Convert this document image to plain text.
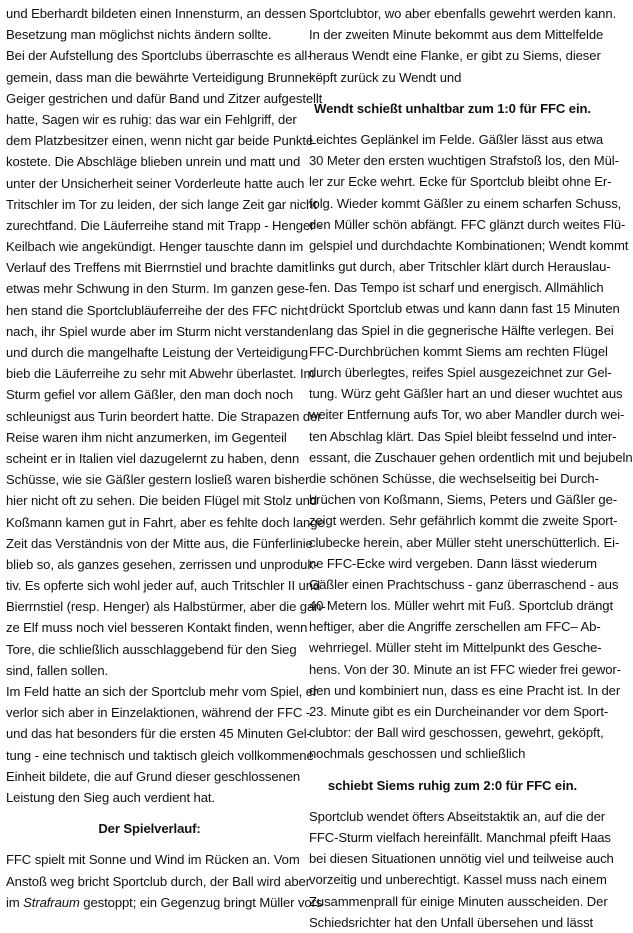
und Eberhardt bildeten einen Innensturm, an dessen
Besetzung man möglichst nichts ändern sollte.
Bei der Aufstellung des Sportclubs überraschte es all-
gemein, dass man die bewährte Verteidigung Brunner -
Geiger gestrichen und dafür Band und Zitzer aufgestellt
hatte, Sagen wir es ruhig: das war ein Fehlgriff, der
dem Platzbesitzer einen, wenn nicht gar beide Punkte
kostete. Die Abschläge blieben unrein und matt und
unter der Unsicherheit seiner Vorderleute hatte auch
Tritschler im Tor zu leiden, der sich lange Zeit gar nicht
zurechtfand. Die Läuferreihe stand mit Trapp - Henger -
Keilbach wie angekündigt. Henger tauschte dann im
Verlauf des Treffens mit Bierrnstiel und brachte damit
etwas mehr Schwung in den Sturm. Im ganzen gese-
hen stand die Sportclubläuferreihe der des FFC nicht
nach, ihr Spiel wurde aber im Sturm nicht verstanden
und durch die mangelhafte Leistung der Verteidigung
bieb die Läuferreihe zu sehr mit Abwehr überlastet. Im
Sturm gefiel vor allem Gäßler, den man doch noch
schleunigst aus Turin beordert hatte. Die Strapazen der
Reise waren ihm nicht anzumerken, im Gegenteil
scheint er in Italien viel dazugelernt zu haben, denn
Schüsse, wie sie Gäßler gestern losließ waren bisher
hier nicht oft zu sehen. Die beiden Flügel mit Stolz und
Koßmann kamen gut in Fahrt, aber es fehlte doch lange
Zeit das Verständnis von der Mitte aus, die Fünferlinie
blieb so, als ganzes gesehen, zerrissen und unproduk-
tiv. Es opferte sich wohl jeder auf, auch Tritschler II und
Bierrnstiel (resp. Henger) als Halbstürmer, aber die gan-
ze Elf muss noch viel besseren Kontakt finden, wenn
Tore, die schließlich ausschlaggebend für den Sieg
sind, fallen sollen.
Im Feld hatte an sich der Sportclub mehr vom Spiel, er
verlor sich aber in Einzelaktionen, während der FFC -
und das hat besonders für die ersten 45 Minuten Gel-
tung - eine technisch und taktisch gleich vollkommene
Einheit bildete, die auf Grund dieser geschlossenen
Leistung den Sieg auch verdient hat.
Der Spielverlauf:
FFC spielt mit Sonne und Wind im Rücken an. Vom
Anstoß weg bricht Sportclub durch, der Ball wird aber
im Strafraum gestoppt; ein Gegenzug bringt Müller vors
Sportclubtor, wo aber ebenfalls gewehrt werden kann.
In der zweiten Minute bekommt aus dem Mittelfelde
heraus Wendt eine Flanke, er gibt zu Siems, dieser
köpft zurück zu Wendt und
Wendt schießt unhaltbar zum 1:0 für FFC ein.
Leichtes Geplänkel im Felde. Gäßler lässt aus etwa
30 Meter den ersten wuchtigen Strafstoß los, den Mül-
ler zur Ecke wehrt. Ecke für Sportclub bleibt ohne Er-
folg. Wieder kommt Gäßler zu einem scharfen Schuss,
den Müller schön abfängt. FFC glänzt durch weites Flü-
gelspiel und durchdachte Kombinationen; Wendt kommt
links gut durch, aber Tritschler klärt durch Herauslau-
fen. Das Tempo ist scharf und energisch. Allmählich
drückt Sportclub etwas und kann dann fast 15 Minuten
lang das Spiel in die gegnerische Hälfte verlegen. Bei
FFC-Durchbrüchen kommt Siems am rechten Flügel
durch überlegtes, reifes Spiel ausgezeichnet zur Gel-
tung. Würz geht Gäßler hart an und dieser wuchtet aus
weiter Entfernung aufs Tor, wo aber Mandler durch wei-
ten Abschlag klärt. Das Spiel bleibt fesselnd und inter-
essant, die Zuschauer gehen ordentlich mit und bejubeln
die schönen Schüsse, die wechselseitig bei Durch-
brüchen von Koßmann, Siems, Peters und Gäßler ge-
zeigt werden. Sehr gefährlich kommt die zweite Sport-
clubecke herein, aber Müller steht unerschütterlich. Ei-
ne FFC-Ecke wird vergeben. Dann lässt wiederum
Gäßler einen Prachtschuss - ganz überraschend - aus
40 Metern los. Müller wehrt mit Fuß. Sportclub drängt
heftiger, aber die Angriffe zerschellen am FFC– Ab-
wehrriegel. Müller steht im Mittelpunkt des Gesche-
hens. Von der 30. Minute an ist FFC wieder frei gewor-
den und kombiniert nun, dass es eine Pracht ist. In der
23. Minute gibt es ein Durcheinander vor dem Sport-
clubtor: der Ball wird geschossen, gewehrt, geköpft,
nochmals geschossen und schließlich
schiebt Siems ruhig zum 2:0 für FFC ein.
Sportclub wendet öfters Abseitstaktik an, auf die der
FFC-Sturm vielfach hereinfällt. Manchmal pfeift Haas
bei diesen Situationen unnötig viel und teilweise auch
vorzeitig und unberechtigt. Kassel muss nach einem
Zusammenprall für einige Minuten ausscheiden. Der
Schiedsrichter hat den Unfall übersehen und lässt
